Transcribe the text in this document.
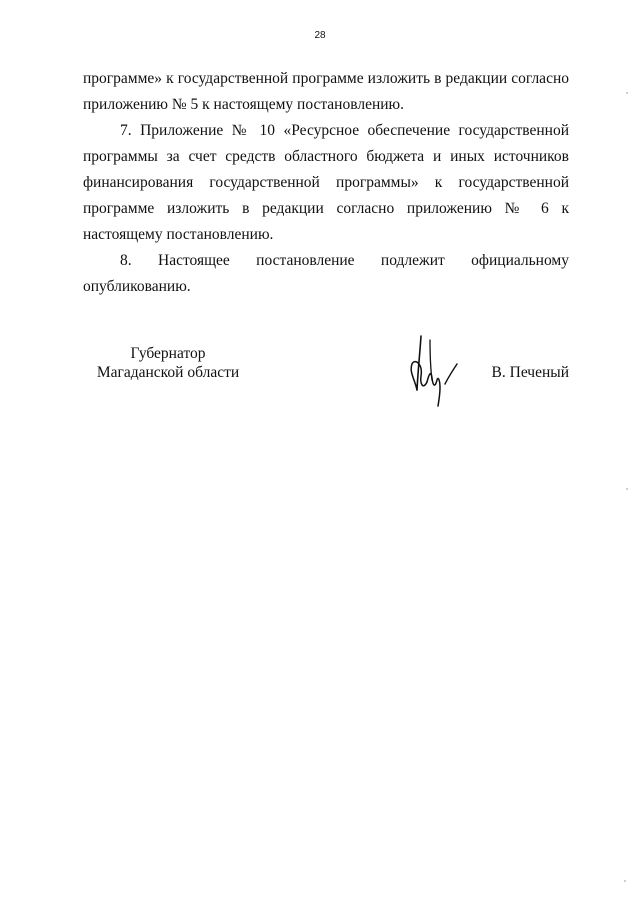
28

программе» к государственной программе изложить в редакции согласно приложению № 5 к настоящему постановлению.

7. Приложение № 10 «Ресурсное обеспечение государственной программы за счет средств областного бюджета и иных источников финансирования государственной программы» к государственной программе изложить в редакции согласно приложению № 6 к настоящему постановлению.

8. Настоящее постановление подлежит официальному опубликованию.

Губернатор
Магаданской области	В. Печеный
